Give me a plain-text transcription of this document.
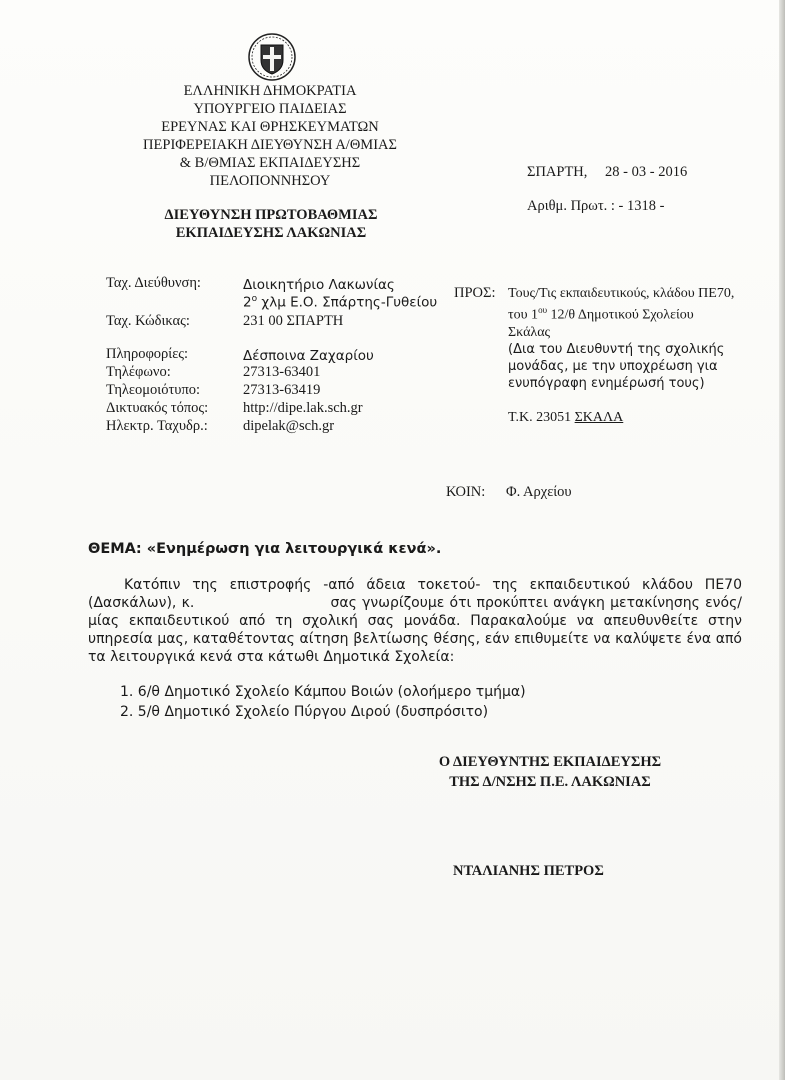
ΕΛΛΗΝΙΚΗ ΔΗΜΟΚΡΑΤΙΑ
ΥΠΟΥΡΓΕΙΟ ΠΑΙΔΕΙΑΣ
ΕΡΕΥΝΑΣ ΚΑΙ ΘΡΗΣΚΕΥΜΑΤΩΝ
ΠΕΡΙΦΕΡΕΙΑΚΗ ΔΙΕΥΘΥΝΣΗ Α/ΘΜΙΑΣ
& Β/ΘΜΙΑΣ ΕΚΠΑΙΔΕΥΣΗΣ
ΠΕΛΟΠΟΝΝΗΣΟΥ
ΔΙΕΥΘΥΝΣΗ ΠΡΩΤΟΒΑΘΜΙΑΣ
ΕΚΠΑΙΔΕΥΣΗΣ ΛΑΚΩΝΙΑΣ
ΣΠΑΡΤΗ, 28 - 03 - 2016
Αριθμ. Πρωτ. : - 1318 -
Ταχ. Διεύθυνση:	Διοικητήριο Λακωνίας
$2^o$ χλμ Ε.Ο. Σπάρτης-Γυθείου
Ταχ. Κώδικας:	231 00 ΣΠΑΡΤΗ
Πληροφορίες:	Δέσποινα Ζαχαρίου
Τηλέφωνο:	27313-63401
Τηλεομοιότυπο:	27313-63419
Δικτυακός τόπος: http://dipe.lak.sch.gr
Ηλεκτρ. Ταχυδρ.: dipelak@sch.gr
ΠΡΟΣ: Τους/Τις εκπαιδευτικούς, κλάδου ΠΕ70,
του $1^{o\upsilon}$ 12/θ Δημοτικού Σχολείου
Σκάλας
(Δια του Διευθυντή της σχολικής
μονάδας, με την υποχρέωση για
ενυπόγραφη ενημέρωσή τους)
Τ.Κ. 23051 ΣΚΑΛΑ
ΚΟΙΝ: Φ. Αρχείου
ΘΕΜΑ: «Ενημέρωση για λειτουργικά κενά».
Κατόπιν της επιστροφής -από άδεια τοκετού- της εκπαιδευτικού κλάδου ΠΕ70 (Δασκάλων), κ.                          σας γνωρίζουμε ότι προκύπτει ανάγκη μετακίνησης ενός/μίας εκπαιδευτικού από τη σχολική σας μονάδα. Παρακαλούμε να απευθυνθείτε στην υπηρεσία μας, καταθέτοντας αίτηση βελτίωσης θέσης, εάν επιθυμείτε να καλύψετε ένα από τα λειτουργικά κενά στα κάτωθι Δημοτικά Σχολεία:
1. 6/θ Δημοτικό Σχολείο Κάμπου Βοιών (ολοήμερο τμήμα)
2. 5/θ Δημοτικό Σχολείο Πύργου Διρού (δυσπρόσιτο)
Ο ΔΙΕΥΘΥΝΤΗΣ ΕΚΠΑΙΔΕΥΣΗΣ
ΤΗΣ Δ/ΝΣΗΣ Π.Ε. ΛΑΚΩΝΙΑΣ
ΝΤΑΛΙΑΝΗΣ ΠΕΤΡΟΣ
